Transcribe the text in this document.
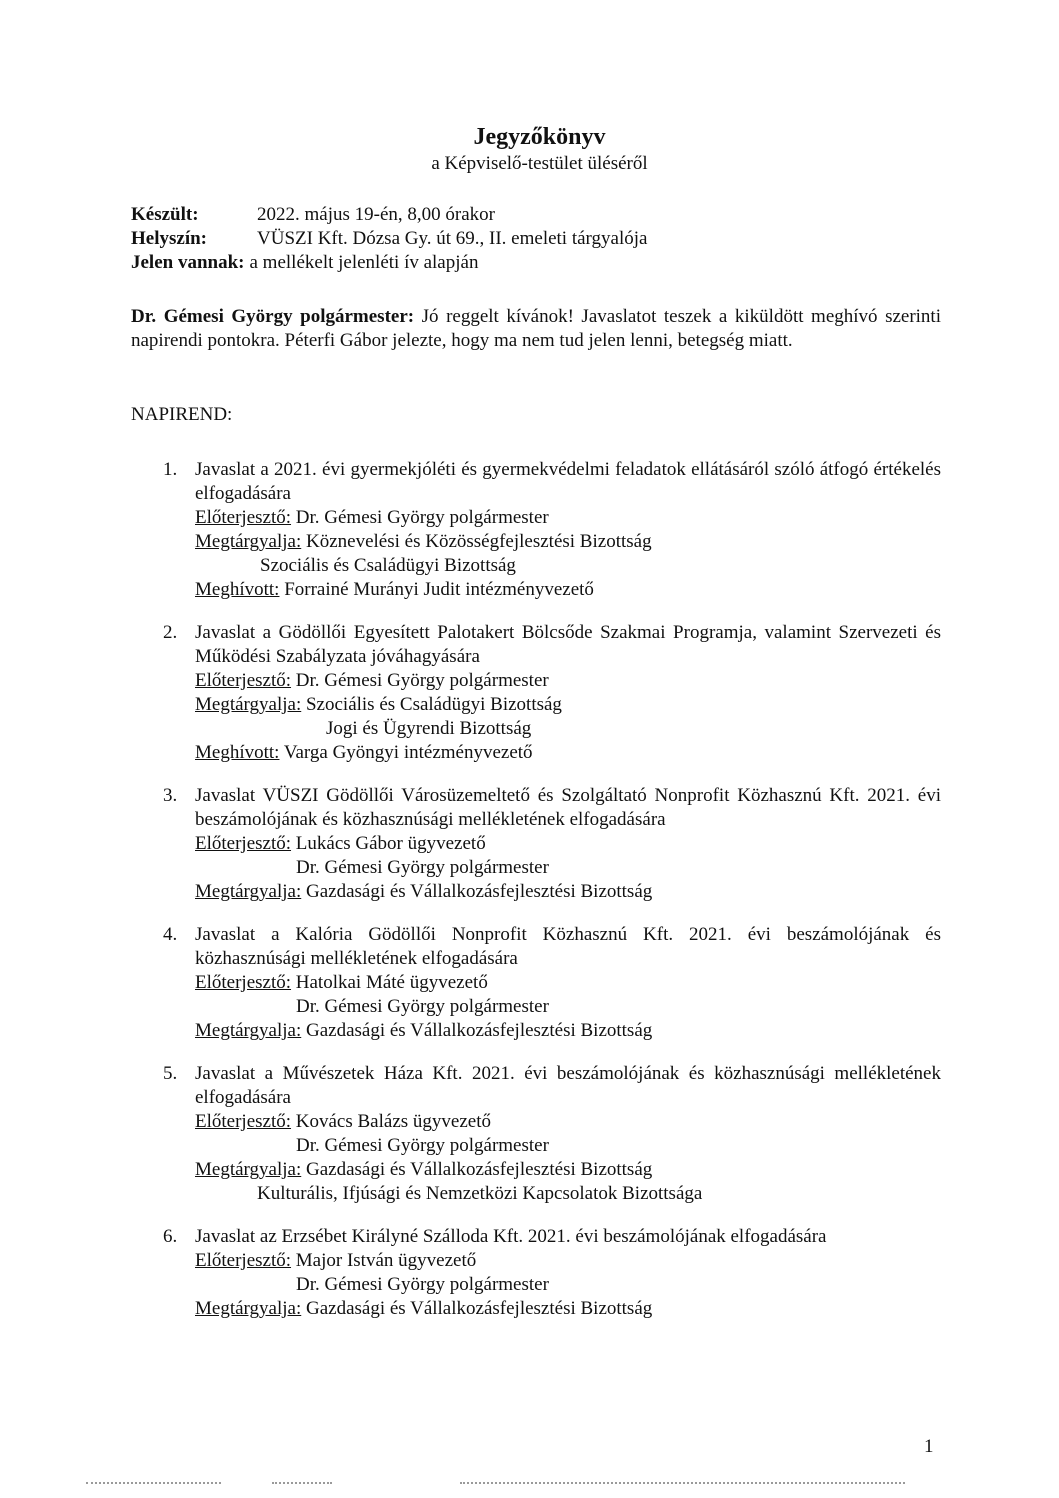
Jegyzőkönyv
a Képviselő-testület üléséről
Készült:	2022. május 19-én, 8,00 órakor
Helyszín:	VÜSZI Kft. Dózsa Gy. út 69., II. emeleti tárgyalója
Jelen vannak: a mellékelt jelenléti ív alapján
Dr. Gémesi György polgármester: Jó reggelt kívánok! Javaslatot teszek a kiküldött meghívó szerinti napirendi pontokra. Péterfi Gábor jelezte, hogy ma nem tud jelen lenni, betegség miatt.
NAPIREND:
1. Javaslat a 2021. évi gyermekjóléti és gyermekvédelmi feladatok ellátásáról szóló átfogó értékelés elfogadására
Előterjesztő: Dr. Gémesi György polgármester
Megtárgyalja: Köznevelési és Közösségfejlesztési Bizottság
Szociális és Családügyi Bizottság
Meghívott: Forrainé Murányi Judit intézményvezető
2. Javaslat a Gödöllői Egyesített Palotakert Bölcsőde Szakmai Programja, valamint Szervezeti és Működési Szabályzata jóváhagyására
Előterjesztő: Dr. Gémesi György polgármester
Megtárgyalja: Szociális és Családügyi Bizottság
Jogi és Ügyrendi Bizottság
Meghívott: Varga Gyöngyi intézményvezető
3. Javaslat VÜSZI Gödöllői Városüzemeltető és Szolgáltató Nonprofit Közhasznú Kft. 2021. évi beszámolójának és közhasznúsági mellékletének elfogadására
Előterjesztő: Lukács Gábor ügyvezető
Dr. Gémesi György polgármester
Megtárgyalja: Gazdasági és Vállalkozásfejlesztési Bizottság
4. Javaslat a Kalória Gödöllői Nonprofit Közhasznú Kft. 2021. évi beszámolójának és közhasznúsági mellékletének elfogadására
Előterjesztő: Hatolkai Máté ügyvezető
Dr. Gémesi György polgármester
Megtárgyalja: Gazdasági és Vállalkozásfejlesztési Bizottság
5. Javaslat a Művészetek Háza Kft. 2021. évi beszámolójának és közhasznúsági mellékletének elfogadására
Előterjesztő: Kovács Balázs ügyvezető
Dr. Gémesi György polgármester
Megtárgyalja: Gazdasági és Vállalkozásfejlesztési Bizottság
Kulturális, Ifjúsági és Nemzetközi Kapcsolatok Bizottsága
6. Javaslat az Erzsébet Királyné Szálloda Kft. 2021. évi beszámolójának elfogadására
Előterjesztő: Major István ügyvezető
Dr. Gémesi György polgármester
Megtárgyalja: Gazdasági és Vállalkozásfejlesztési Bizottság
1
